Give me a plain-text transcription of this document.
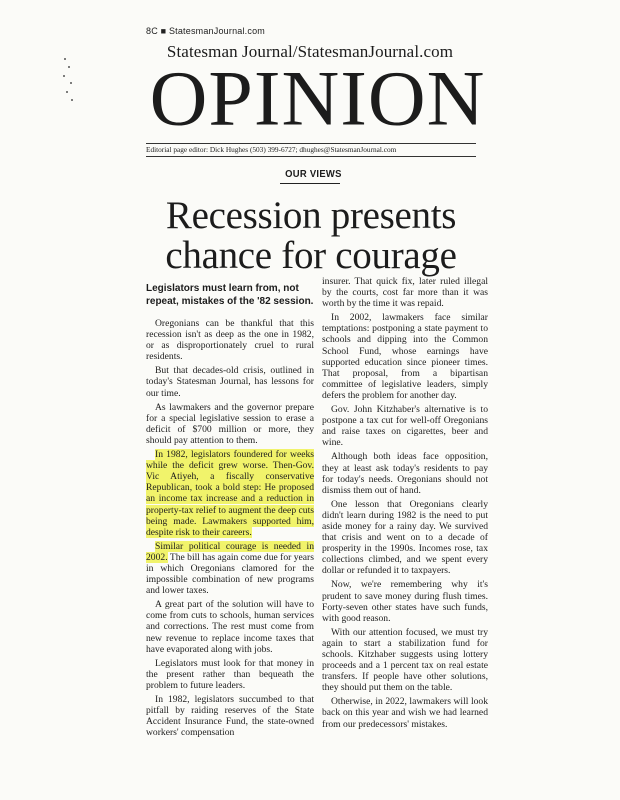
8C ■ StatesmanJournal.com
Statesman Journal/StatesmanJournal.com
OPINION
Editorial page editor: Dick Hughes (503) 399-6727; dhughes@StatesmanJournal.com
OUR VIEWS
Recession presents chance for courage
Legislators must learn from, not repeat, mistakes of the '82 session.

Oregonians can be thankful that this recession isn't as deep as the one in 1982, or as disproportionately cruel to rural residents.

But that decades-old crisis, outlined in today's Statesman Journal, has lessons for our time.

As lawmakers and the governor prepare for a special legislative session to erase a deficit of $700 million or more, they should pay attention to them.

In 1982, legislators foundered for weeks while the deficit grew worse. Then-Gov. Vic Atiyeh, a fiscally conservative Republican, took a bold step: He proposed an income tax increase and a reduction in property-tax relief to augment the deep cuts being made. Lawmakers supported him, despite risk to their careers.

Similar political courage is needed in 2002. The bill has again come due for years in which Oregonians clamored for the impossible combination of new programs and lower taxes.

A great part of the solution will have to come from cuts to schools, human services and corrections. The rest must come from new revenue to replace income taxes that have evaporated along with jobs.

Legislators must look for that money in the present rather than bequeath the problem to future leaders.

In 1982, legislators succumbed to that pitfall by raiding reserves of the State Accident Insurance Fund, the state-owned workers' compensation

insurer. That quick fix, later ruled illegal by the courts, cost far more than it was worth by the time it was repaid.

In 2002, lawmakers face similar temptations: postponing a state payment to schools and dipping into the Common School Fund, whose earnings have supported education since pioneer times. That proposal, from a bipartisan committee of legislative leaders, simply defers the problem for another day.

Gov. John Kitzhaber's alternative is to postpone a tax cut for well-off Oregonians and raise taxes on cigarettes, beer and wine.

Although both ideas face opposition, they at least ask today's residents to pay for today's needs. Oregonians should not dismiss them out of hand.

One lesson that Oregonians clearly didn't learn during 1982 is the need to put aside money for a rainy day. We survived that crisis and went on to a decade of prosperity in the 1990s. Incomes rose, tax collections climbed, and we spent every dollar or refunded it to taxpayers.

Now, we're remembering why it's prudent to save money during flush times. Forty-seven other states have such funds, with good reason.

With our attention focused, we must try again to start a stabilization fund for schools. Kitzhaber suggests using lottery proceeds and a 1 percent tax on real estate transfers. If people have other solutions, they should put them on the table.

Otherwise, in 2022, lawmakers will look back on this year and wish we had learned from our predecessors' mistakes.
